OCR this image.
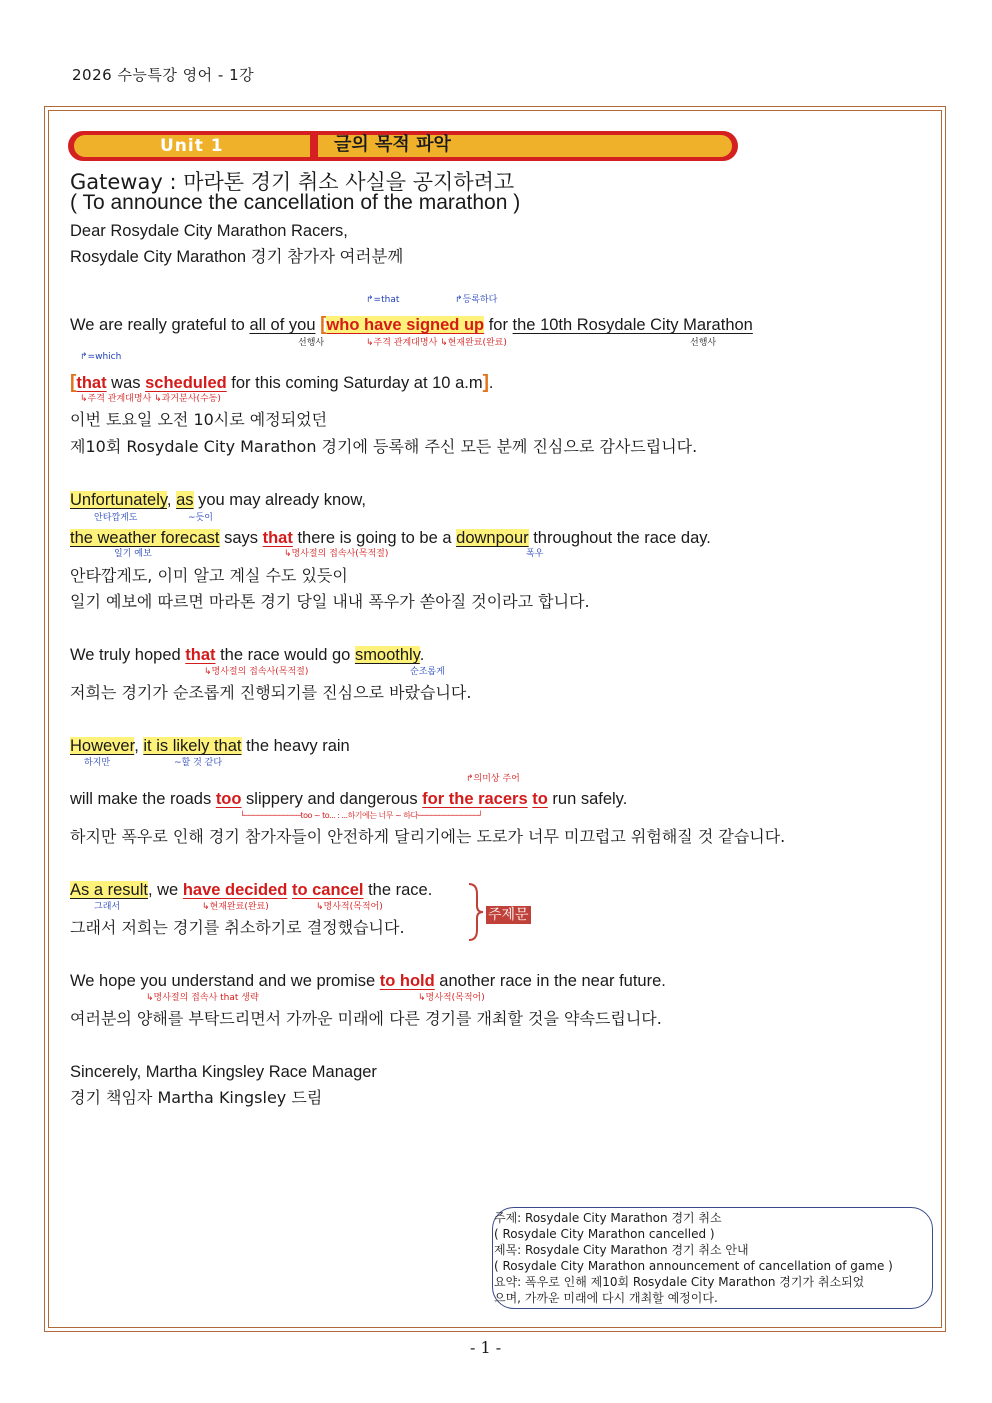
2026 수능특강 영어 - 1강
Unit 1	글의 목적 파악
Gateway : 마라톤 경기 취소 사실을 공지하려고
( To announce the cancellation of the marathon )
Dear Rosydale City Marathon Racers,
Rosydale City Marathon 경기 참가자 여러분께
↱=that	↱등록하다
We are really grateful to all of you [who have signed up for the 10th Rosydale City Marathon
선행사	↳주격 관계대명사 ↳현재완료(완료)	선행사
↱=which
[that was scheduled for this coming Saturday at 10 a.m].
↳주격 관계대명사 ↳과거분사(수동)
이번 토요일 오전 10시로 예정되었던
제10회 Rosydale City Marathon 경기에 등록해 주신 모든 분께 진심으로 감사드립니다.
Unfortunately, as you may already know,
안타깝게도	~듯이
the weather forecast says that there is going to be a downpour throughout the race day.
일기 예보	↳명사절의 접속사(목적절)	폭우
안타깝게도, 이미 알고 계실 수도 있듯이
일기 예보에 따르면 마라톤 경기 당일 내내 폭우가 쏟아질 것이라고 합니다.
We truly hoped that the race would go smoothly.
↳명사절의 접속사(목적절)	순조롭게
저희는 경기가 순조롭게 진행되기를 진심으로 바랐습니다.
However, it is likely that the heavy rain
하지만	~할 것 같다
↱의미상 주어
will make the roads too slippery and dangerous for the racers to run safely.
└─────────────too ~ to... : ...하기에는 너무 ~ 하다──────────────┘
하지만 폭우로 인해 경기 참가자들이 안전하게 달리기에는 도로가 너무 미끄럽고 위험해질 것 같습니다.
As a result, we have decided to cancel the race.
그래서	↳현재완료(완료)	↳명사적(목적어)
그래서 저희는 경기를 취소하기로 결정했습니다.
주제문
We hope you understand and we promise to hold another race in the near future.
↳명사절의 접속사 that 생략	↳명사적(목적어)
여러분의 양해를 부탁드리면서 가까운 미래에 다른 경기를 개최할 것을 약속드립니다.
Sincerely, Martha Kingsley Race Manager
경기 책임자 Martha Kingsley 드림
주제: Rosydale City Marathon 경기 취소
( Rosydale City Marathon cancelled )
제목: Rosydale City Marathon 경기 취소 안내
( Rosydale City Marathon announcement of cancellation of game )
요약: 폭우로 인해 제10회 Rosydale City Marathon 경기가 취소되었
으며, 가까운 미래에 다시 개최할 예정이다.
- 1 -
